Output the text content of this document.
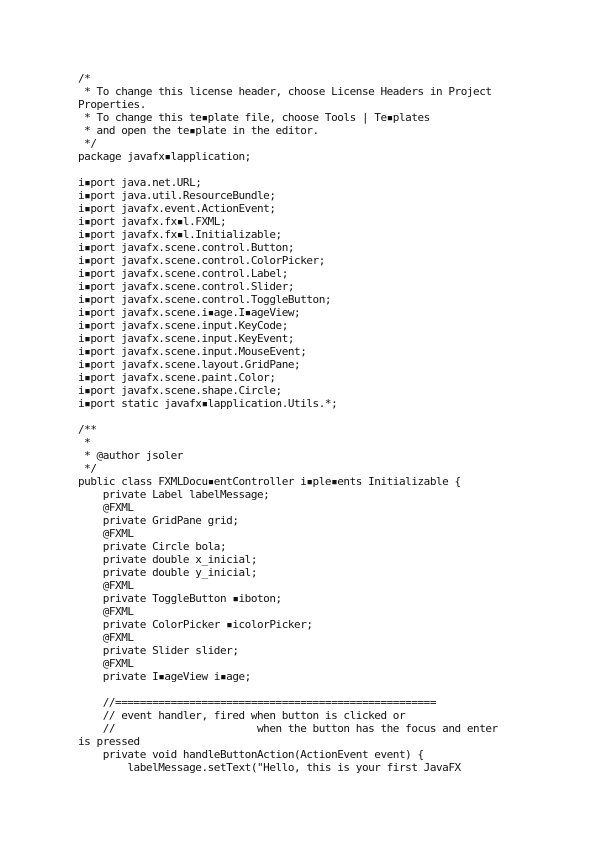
/*
* To change this license header, choose License Headers in Project
Properties.
* To change this te▪plate file, choose Tools | Te▪plates
* and open the te▪plate in the editor.
*/
package javafx▪lapplication;

i▪port java.net.URL;
i▪port java.util.ResourceBundle;
i▪port javafx.event.ActionEvent;
i▪port javafx.fx▪l.FXML;
i▪port javafx.fx▪l.Initializable;
i▪port javafx.scene.control.Button;
i▪port javafx.scene.control.ColorPicker;
i▪port javafx.scene.control.Label;
i▪port javafx.scene.control.Slider;
i▪port javafx.scene.control.ToggleButton;
i▪port javafx.scene.i▪age.I▪ageView;
i▪port javafx.scene.input.KeyCode;
i▪port javafx.scene.input.KeyEvent;
i▪port javafx.scene.input.MouseEvent;
i▪port javafx.scene.layout.GridPane;
i▪port javafx.scene.paint.Color;
i▪port javafx.scene.shape.Circle;
i▪port static javafx▪lapplication.Utils.*;

/**
*
* @author jsoler
*/
public class FXMLDocu▪entController i▪ple▪ents Initializable {
private Label labelMessage;
@FXML
private GridPane grid;
@FXML
private Circle bola;
private double x_inicial;
private double y_inicial;
@FXML
private ToggleButton ▪iboton;
@FXML
private ColorPicker ▪icolorPicker;
@FXML
private Slider slider;
@FXML
private I▪ageView i▪age;

//====================================================
// event handler, fired when button is clicked or
//                       when the button has the focus and enter
is pressed
private void handleButtonAction(ActionEvent event) {
labelMessage.setText("Hello, this is your first JavaFX
